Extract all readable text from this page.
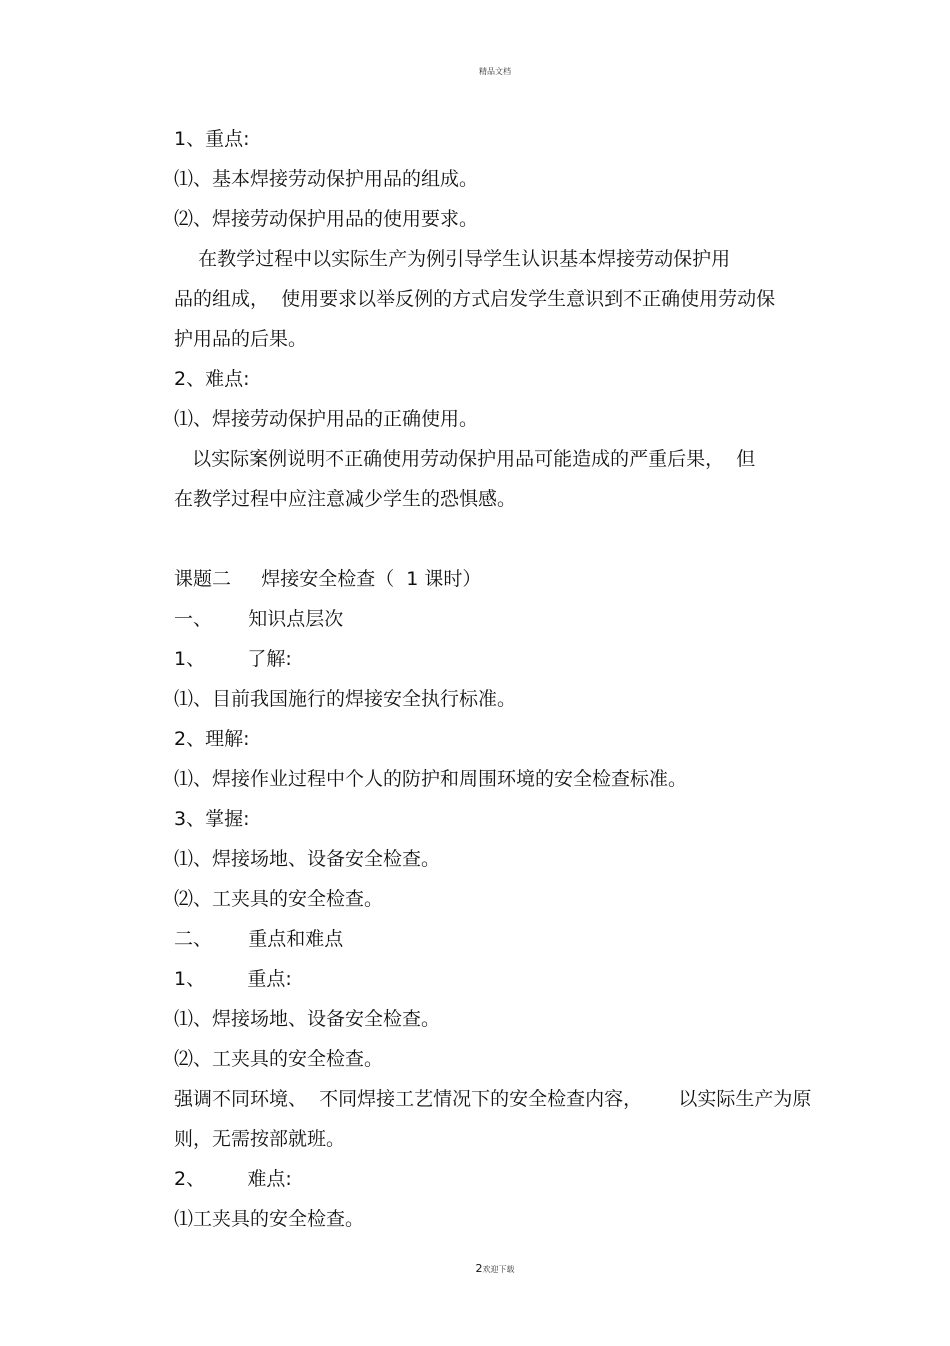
精品文档
1、重点:
⑴、基本焊接劳动保护用品的组成。
⑵、焊接劳动保护用品的使用要求。
在教学过程中以实际生产为例引导学生认识基本焊接劳动保护用
品的组成，  使用要求以举反例的方式启发学生意识到不正确使用劳动保
护用品的后果。
2、难点:
⑴、焊接劳动保护用品的正确使用。
以实际案例说明不正确使用劳动保护用品可能造成的严重后果，  但
在教学过程中应注意减少学生的恐惧感。
课题二     焊接安全检查（  1 课时）
一、      知识点层次
1、       了解:
⑴、目前我国施行的焊接安全执行标准。
2、理解:
⑴、焊接作业过程中个人的防护和周围环境的安全检查标准。
3、掌握:
⑴、焊接场地、设备安全检查。
⑵、工夹具的安全检查。
二、      重点和难点
1、       重点:
⑴、焊接场地、设备安全检查。
⑵、工夹具的安全检查。
强调不同环境、  不同焊接工艺情况下的安全检查内容，      以实际生产为原
则，无需按部就班。
2、       难点:
⑴工夹具的安全检查。
2欢迎下载
